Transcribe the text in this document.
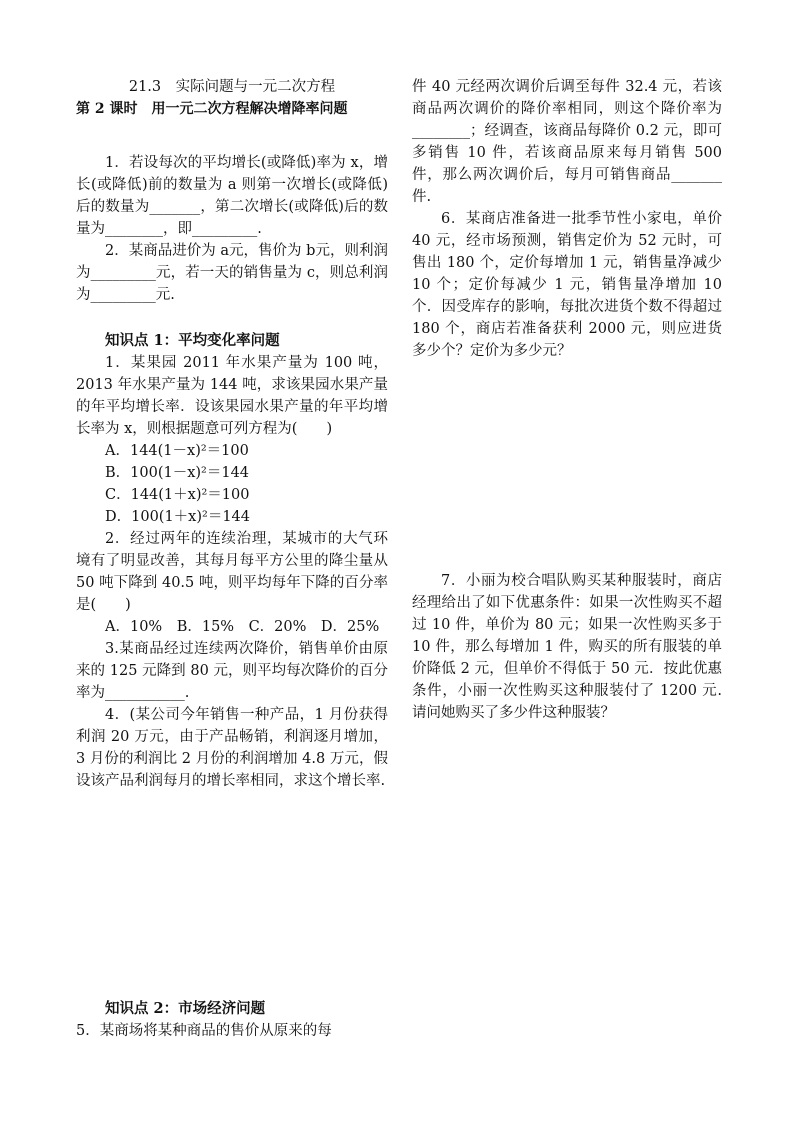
21.3　实际问题与一元二次方程

第 2 课时　用一元二次方程解决增降率问题

1．若设每次的平均增长(或降低)率为 x，增长(或降低)前的数量为 a 则第一次增长(或降低)后的数量为_______，第二次增长(或降低)后的数量为________，即_________.

2．某商品进价为 a元，售价为 b元，则利润为_________元，若一天的销售量为 c，则总利润为_________元.

知识点 1：平均变化率问题

1．某果园 2011 年水果产量为 100 吨，2013 年水果产量为 144 吨，求该果园水果产量的年平均增长率．设该果园水果产量的年平均增长率为 x，则根据题意可列方程为(　　)

A．144(1－x)²＝100

B．100(1－x)²＝144

C．144(1＋x)²＝100

D．100(1＋x)²＝144

2．经过两年的连续治理，某城市的大气环境有了明显改善，其每月每平方公里的降尘量从 50 吨下降到 40.5 吨，则平均每年下降的百分率是(　　)

A．10%　B．15%　C．20%　D．25%

3.某商品经过连续两次降价，销售单价由原来的 125 元降到 80 元，则平均每次降价的百分率为___________.

4．(某公司今年销售一种产品，1 月份获得利润 20 万元，由于产品畅销，利润逐月增加，3 月份的利润比 2 月份的利润增加 4.8 万元，假设该产品利润每月的增长率相同，求这个增长率.

知识点 2：市场经济问题

5．某商场将某种商品的售价从原来的每

件 40 元经两次调价后调至每件 32.4 元，若该商品两次调价的降价率相同，则这个降价率为________；经调查，该商品每降价 0.2 元，即可多销售 10 件，若该商品原来每月销售 500 件，那么两次调价后，每月可销售商品_______件.

6．某商店准备进一批季节性小家电，单价 40 元，经市场预测，销售定价为 52 元时，可售出 180 个，定价每增加 1 元，销售量净减少 10 个；定价每减少 1 元，销售量净增加 10 个．因受库存的影响，每批次进货个数不得超过 180 个，商店若准备获利 2000 元，则应进货多少个？定价为多少元？

7．小丽为校合唱队购买某种服装时，商店经理给出了如下优惠条件：如果一次性购买不超过 10 件，单价为 80 元；如果一次性购买多于 10 件，那么每增加 1 件，购买的所有服装的单价降低 2 元，但单价不得低于 50 元．按此优惠条件，小丽一次性购买这种服装付了 1200 元. 请问她购买了多少件这种服装？
